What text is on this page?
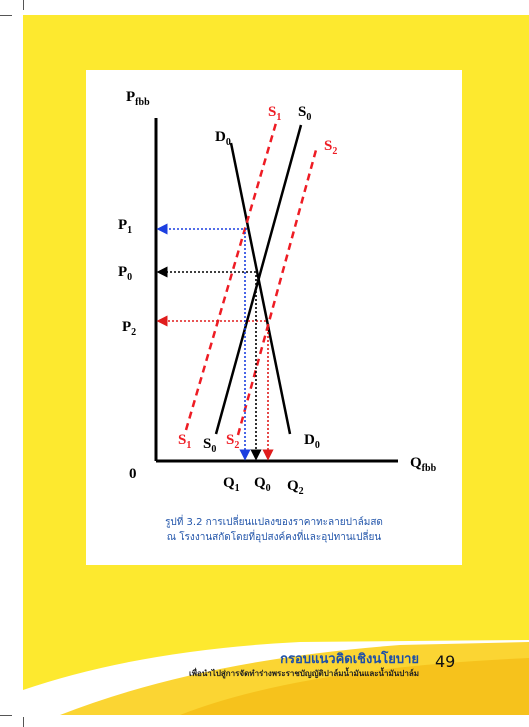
$P_{fbb}$
$Q_{fbb}$
0
$P_1$
$P_0$
$P_2$
$Q_1$ $Q_0$ $Q_2$
$D_0$
$S_1$ $S_0$
$S_2$
$S_1$ $S_0$
$S_2$	$D_0$
รูปที่ 3.2 การเปลี่ยนแปลงของราคาทะลายปาล์มสด
ณ โรงงานสกัดโดยที่อุปสงค์คงที่และอุปทานเปลี่ยน
กรอบแนวคิดเชิงนโยบาย
เพื่อนำไปสู่การจัดทำร่างพระราชบัญญัติปาล์มน้ำมันและน้ำมันปาล์ม
49
